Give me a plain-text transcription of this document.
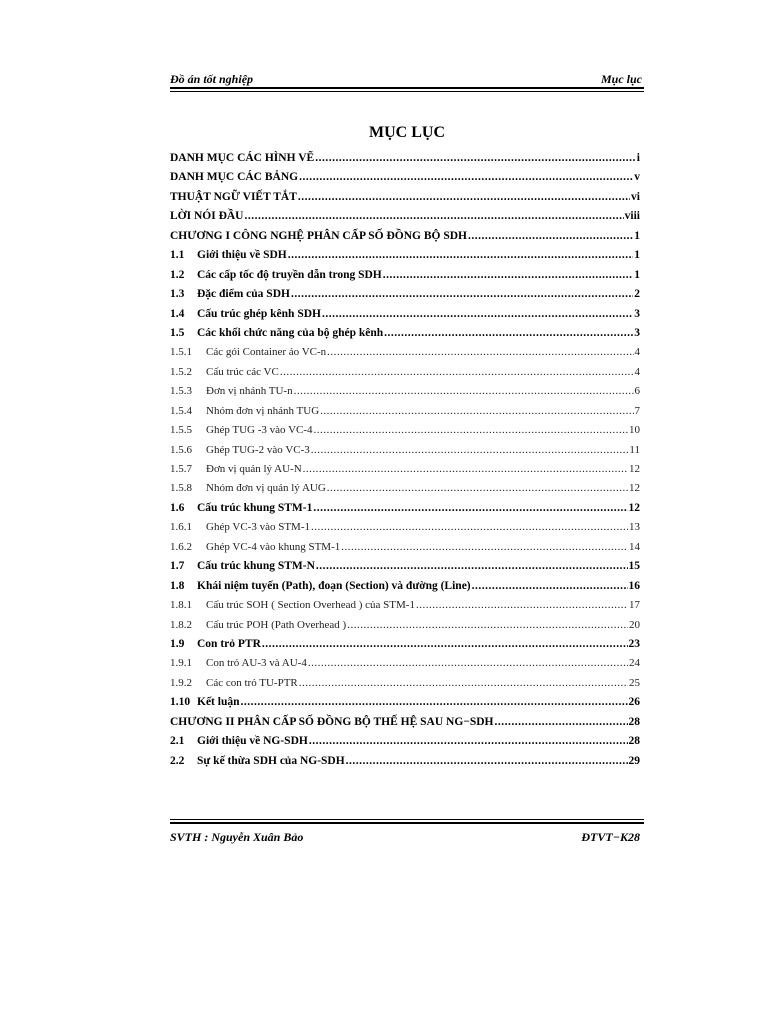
Đồ án tốt nghiệp	Mục lục
MỤC LỤC
DANH MỤC CÁC HÌNH VẼ .....	i
DANH MỤC CÁC BẢNG .....	v
THUẬT NGỮ VIẾT TẮT .....	vi
LỜI NÓI ĐẦU .....	viii
CHƯƠNG I CÔNG NGHỆ PHÂN CẤP SỐ ĐỒNG BỘ SDH .....	1
1.1	Giới thiệu về SDH .....	1
1.2	Các cấp tốc độ truyền dẫn trong SDH .....	1
1.3	Đặc điểm của SDH .....	2
1.4	Cấu trúc ghép kênh SDH .....	3
1.5	Các khối chức năng của bộ ghép kênh .....	3
1.5.1	Các gói Container ảo VC-n .....	4
1.5.2	Cấu trúc các VC .....	4
1.5.3	Đơn vị nhánh TU-n .....	6
1.5.4	Nhóm đơn vị nhánh TUG .....	7
1.5.5	Ghép TUG -3 vào VC-4 .....	10
1.5.6	Ghép TUG-2 vào VC-3 .....	11
1.5.7	Đơn vị quản lý AU-N .....	12
1.5.8	Nhóm đơn vị quản lý AUG .....	12
1.6	Cấu trúc khung STM-1 .....	12
1.6.1	Ghép VC-3 vào STM-1 .....	13
1.6.2	Ghép VC-4 vào khung STM-1 .....	14
1.7	Cấu trúc khung STM-N .....	15
1.8	Khái niệm tuyến (Path), đoạn (Section) và đường (Line) .....	16
1.8.1	Cấu trúc SOH ( Section Overhead ) của STM-1 .....	17
1.8.2	Cấu trúc POH (Path Overhead ) .....	20
1.9	Con trỏ PTR .....	23
1.9.1	Con trỏ AU-3 và AU-4 .....	24
1.9.2	Các con trỏ TU-PTR .....	25
1.10 Kết luận .....	26
CHƯƠNG II PHÂN CẤP SỐ ĐỒNG BỘ THẾ HỆ SAU NG−SDH .....	28
2.1	Giới thiệu về NG-SDH .....	28
2.2	Sự kế thừa SDH của NG-SDH .....	29
SVTH : Nguyễn Xuân Bảo	ĐTVT−K28
